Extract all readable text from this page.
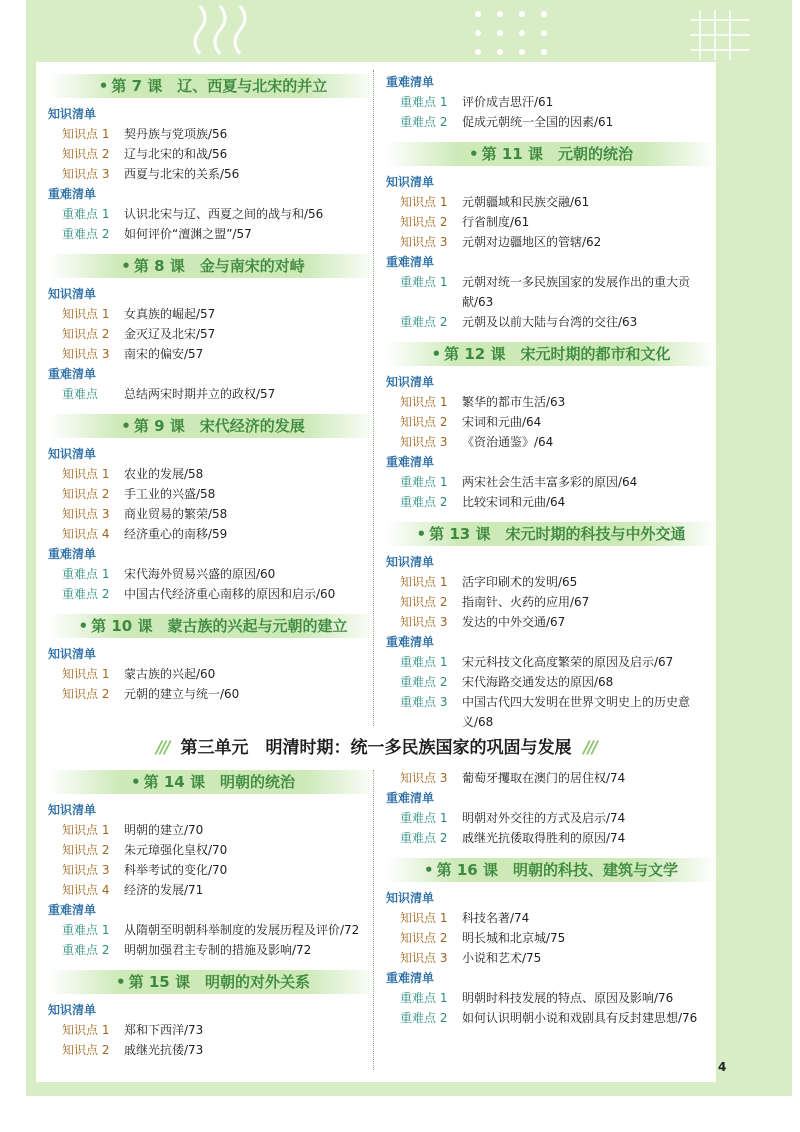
• 第 7 课　辽、西夏与北宋的并立
知识清单
知识点 1	契丹族与党项族/56
知识点 2	辽与北宋的和战/56
知识点 3	西夏与北宋的关系/56
重难清单
重难点 1	认识北宋与辽、西夏之间的战与和/56
重难点 2	如何评价“澶渊之盟”/57
• 第 8 课　金与南宋的对峙
知识清单
知识点 1	女真族的崛起/57
知识点 2	金灭辽及北宋/57
知识点 3	南宋的偏安/57
重难清单
重难点	总结两宋时期并立的政权/57
• 第 9 课　宋代经济的发展
知识清单
知识点 1	农业的发展/58
知识点 2	手工业的兴盛/58
知识点 3	商业贸易的繁荣/58
知识点 4	经济重心的南移/59
重难清单
重难点 1	宋代海外贸易兴盛的原因/60
重难点 2	中国古代经济重心南移的原因和启示/60
• 第 10 课　蒙古族的兴起与元朝的建立
知识清单
知识点 1	蒙古族的兴起/60
知识点 2	元朝的建立与统一/60
重难清单
重难点 1	评价成吉思汗/61
重难点 2	促成元朝统一全国的因素/61
• 第 11 课　元朝的统治
知识清单
知识点 1	元朝疆域和民族交融/61
知识点 2	行省制度/61
知识点 3	元朝对边疆地区的管辖/62
重难清单
重难点 1	元朝对统一多民族国家的发展作出的重大贡献/63
重难点 2	元朝及以前大陆与台湾的交往/63
• 第 12 课　宋元时期的都市和文化
知识清单
知识点 1	繁华的都市生活/63
知识点 2	宋词和元曲/64
知识点 3	《资治通鉴》/64
重难清单
重难点 1	两宋社会生活丰富多彩的原因/64
重难点 2	比较宋词和元曲/64
• 第 13 课　宋元时期的科技与中外交通
知识清单
知识点 1	活字印刷术的发明/65
知识点 2	指南针、火药的应用/67
知识点 3	发达的中外交通/67
重难清单
重难点 1	宋元科技文化高度繁荣的原因及启示/67
重难点 2	宋代海路交通发达的原因/68
重难点 3	中国古代四大发明在世界文明史上的历史意义/68
/// 第三单元　明清时期：统一多民族国家的巩固与发展 ///
• 第 14 课　明朝的统治
知识清单
知识点 1	明朝的建立/70
知识点 2	朱元璋强化皇权/70
知识点 3	科举考试的变化/70
知识点 4	经济的发展/71
重难清单
重难点 1	从隋朝至明朝科举制度的发展历程及评价/72
重难点 2	明朝加强君主专制的措施及影响/72
• 第 15 课　明朝的对外关系
知识清单
知识点 1	郑和下西洋/73
知识点 2	戚继光抗倭/73
知识点 3	葡萄牙攫取在澳门的居住权/74
重难清单
重难点 1	明朝对外交往的方式及启示/74
重难点 2	戚继光抗倭取得胜利的原因/74
• 第 16 课　明朝的科技、建筑与文学
知识清单
知识点 1	科技名著/74
知识点 2	明长城和北京城/75
知识点 3	小说和艺术/75
重难清单
重难点 1	明朝时科技发展的特点、原因及影响/76
重难点 2	如何认识明朝小说和戏剧具有反封建思想/76
4
